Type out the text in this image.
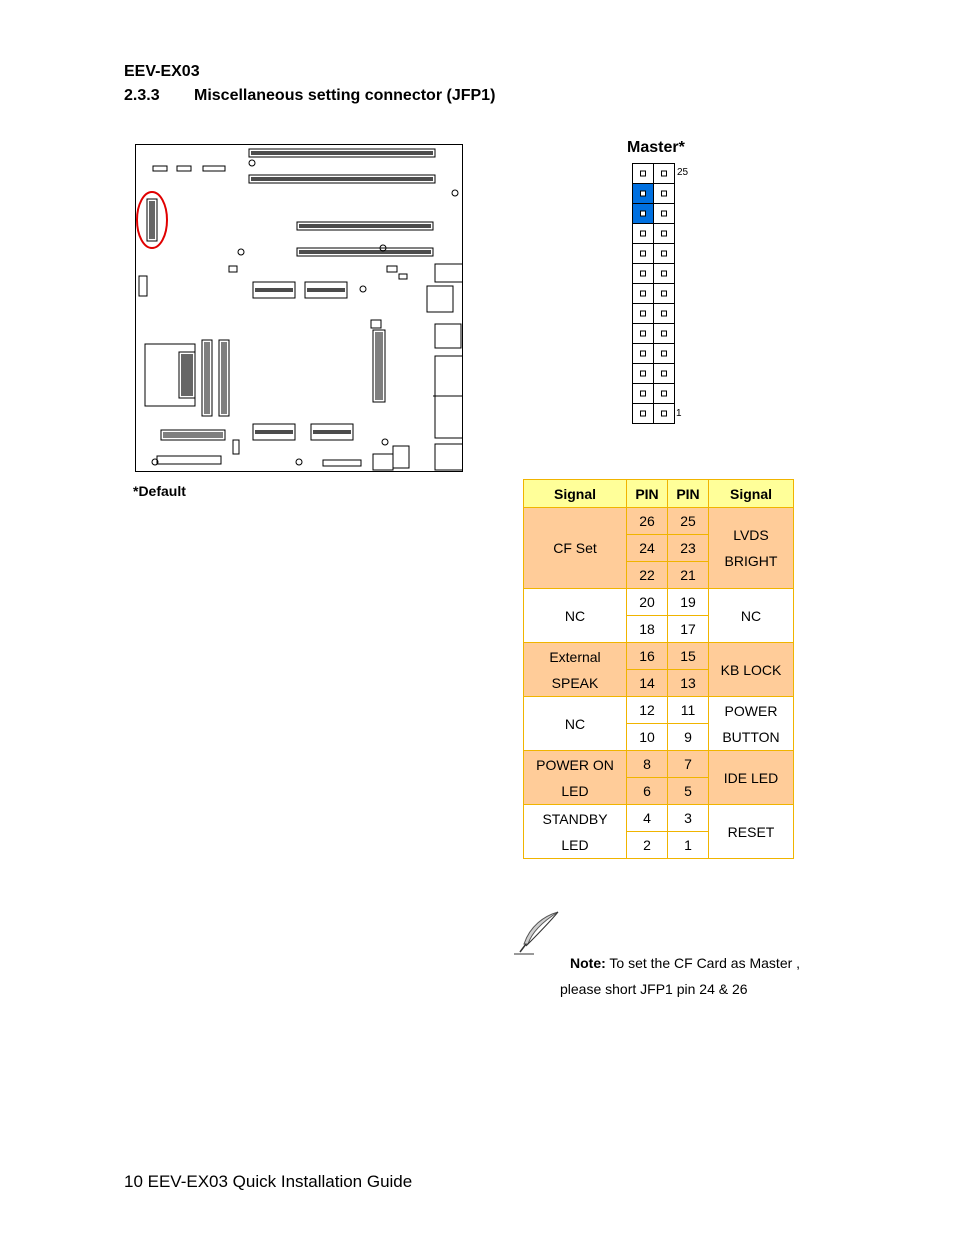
EEV-EX03
2.3.3 Miscellaneous setting connector (JFP1)
*Default
Master*
25
1
Signal	PIN	PIN	Signal

CF Set	26	25	LVDS
BRIGHT

	24	23	
	22	21	

NC	20	19	NC

	18	17	

External
SPEAK	16	15	KB LOCK

	14	13	

NC	12	11	POWER
BUTTON

	10	9	

POWER ON
LED	8	7	IDE LED

	6	5	

STANDBY
LED	4	3	RESET

	2	1	
Note: To set the CF Card as Master ,
please short JFP1 pin 24 & 26
10 EEV-EX03 Quick Installation Guide
